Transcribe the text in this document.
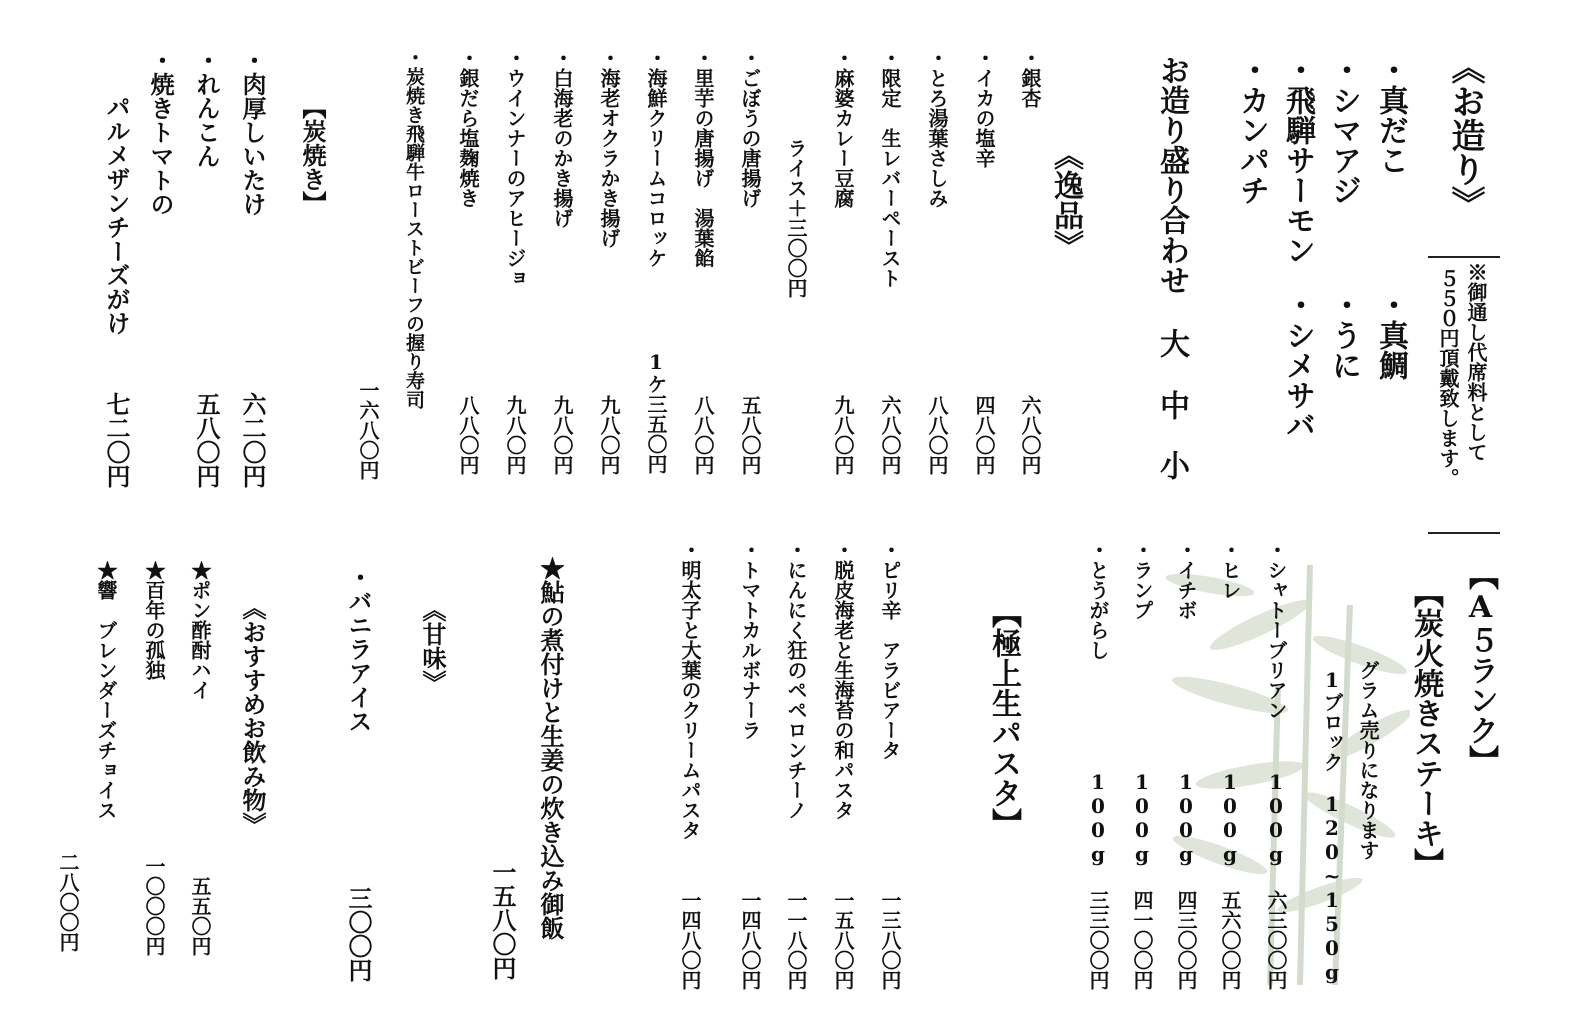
《お造り》
・真だこ
・シマアジ
・飛騨サーモン
・カンパチ
・真鯛
・うに
・シメサバ
お造り盛り合わせ
大
中
小
※御通し代席料として
５５０円頂戴致します。
《逸品》
・銀杏
六八〇円
・イカの塩辛
四八〇円
・とろ湯葉さしみ
八八〇円
・限定　生レバーペースト
六八〇円
・麻婆カレー豆腐
九八〇円
ライス＋三〇〇円
・ごぼうの唐揚げ
五八〇円
・里芋の唐揚げ　湯葉餡
八八〇円
・海鮮クリームコロッケ
1ケ三五〇円
・海老オクラかき揚げ
九八〇円
・白海老のかき揚げ
九八〇円
・ウインナーのアヒージョ
九八〇円
・銀だら塩麹焼き
八八〇円
・炭焼き飛騨牛ローストビーフの握り寿司
一六八〇円
【炭焼き】
・肉厚しいたけ
六二〇円
・れんこん
五八〇円
・焼きトマトの
パルメザンチーズがけ
七二〇円
【A５ランク】
【炭火焼きステーキ】
グラム売りになります
1ブロック　120~150g
・シャトーブリアン
100g 六三〇〇円
・ヒレ
100g 五六〇〇円
・イチボ
100g 四三〇〇円
・ランプ
100g 四一〇〇円
・とうがらし
100g 三三〇〇円
【極上生パスタ】
・ピリ辛　アラビアータ
一三八〇円
・脱皮海老と生海苔の和パスタ
一五八〇円
・にんにく狂のペペロンチーノ
一一八〇円
・トマトカルボナーラ
一四八〇円
・明太子と大葉のクリームパスタ
一四八〇円
★鮎の煮付けと生姜の炊き込み御飯
一五八〇円
《甘味》
・バニラアイス
三〇〇円
《おすすめお飲み物》
★ポン酢酎ハイ
五五〇円
★百年の孤独
一〇〇〇円
★響　ブレンダーズチョイス
二八〇〇円
